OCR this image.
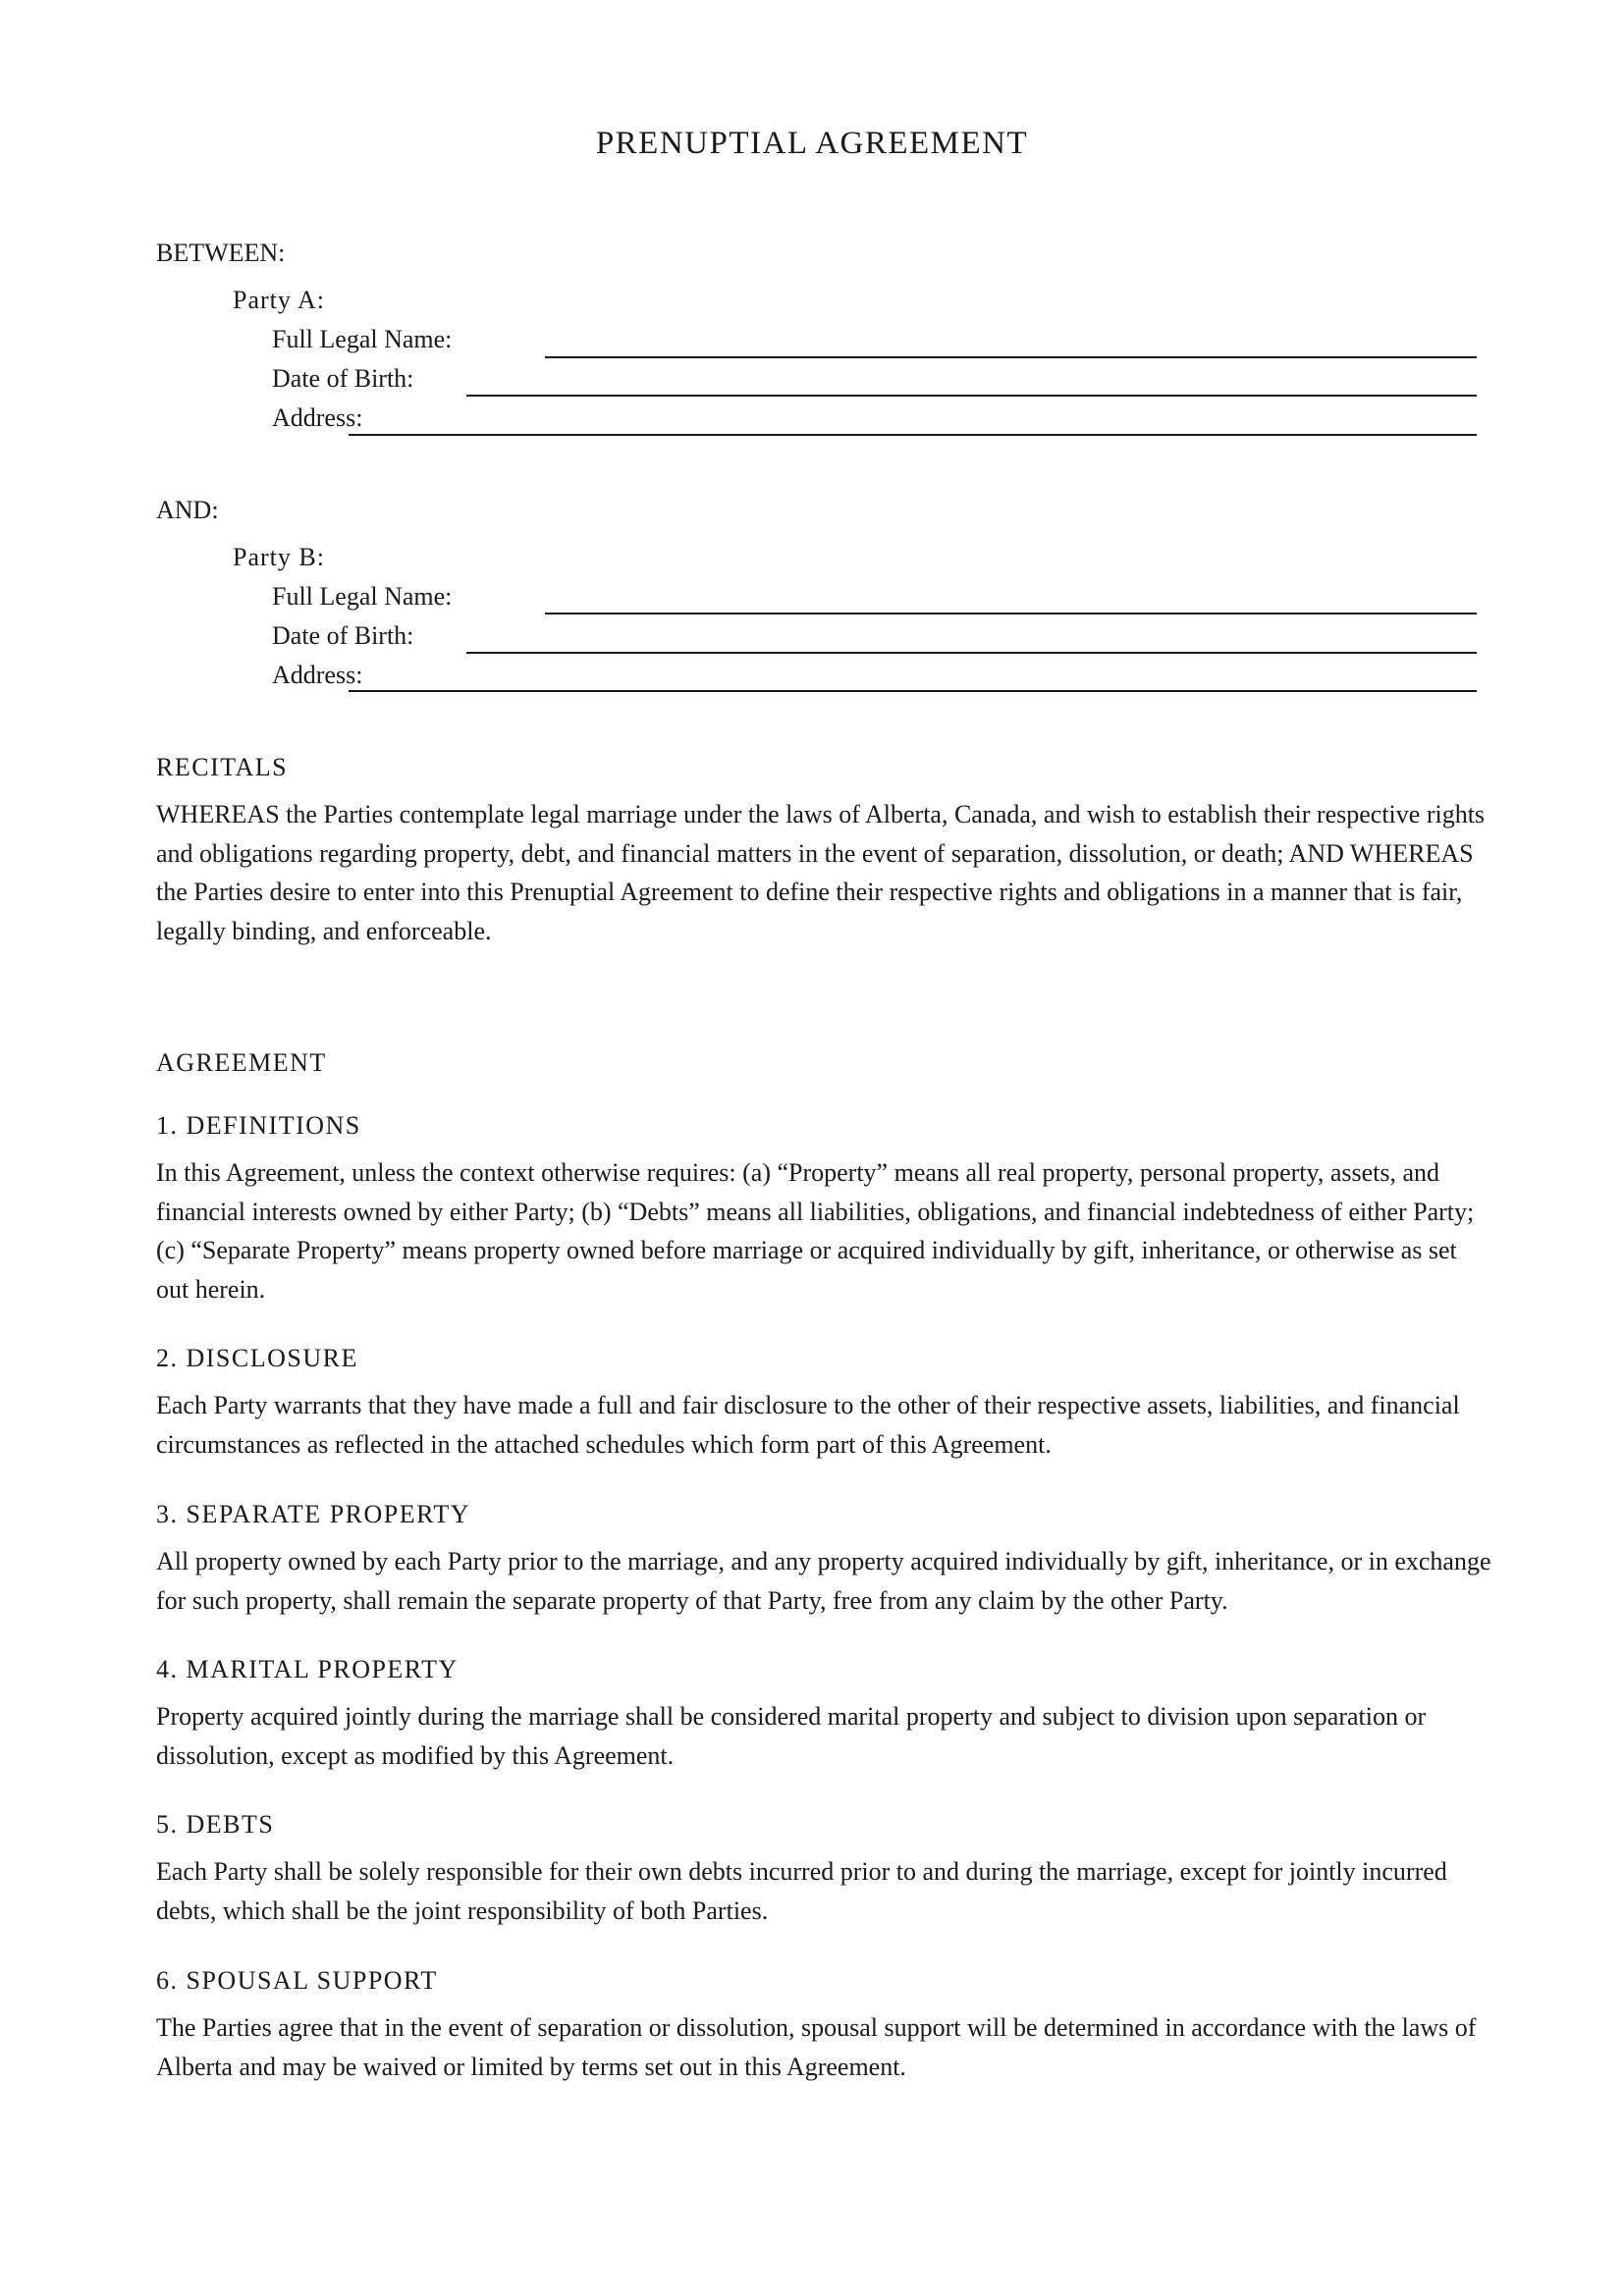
PRENUPTIAL AGREEMENT
BETWEEN:
Party A:
Full Legal Name:
Date of Birth:
Address:
AND:
Party B:
Full Legal Name:
Date of Birth:
Address:
RECITALS

WHEREAS the Parties contemplate legal marriage under the laws of Alberta, Canada, and wish to establish their respective rights and obligations regarding property, debt, and financial matters in the event of separation, dissolution, or death; AND WHEREAS the Parties desire to enter into this Prenuptial Agreement to define their respective rights and obligations in a manner that is fair, legally binding, and enforceable.

AGREEMENT
1. DEFINITIONS

In this Agreement, unless the context otherwise requires: (a) “Property” means all real property, personal property, assets, and financial interests owned by either Party; (b) “Debts” means all liabilities, obligations, and financial indebtedness of either Party; (c) “Separate Property” means property owned before marriage or acquired individually by gift, inheritance, or otherwise as set out herein.

2. DISCLOSURE

Each Party warrants that they have made a full and fair disclosure to the other of their respective assets, liabilities, and financial circumstances as reflected in the attached schedules which form part of this Agreement.

3. SEPARATE PROPERTY

All property owned by each Party prior to the marriage, and any property acquired individually by gift, inheritance, or in exchange for such property, shall remain the separate property of that Party, free from any claim by the other Party.

4. MARITAL PROPERTY

Property acquired jointly during the marriage shall be considered marital property and subject to division upon separation or dissolution, except as modified by this Agreement.

5. DEBTS

Each Party shall be solely responsible for their own debts incurred prior to and during the marriage, except for jointly incurred debts, which shall be the joint responsibility of both Parties.

6. SPOUSAL SUPPORT

The Parties agree that in the event of separation or dissolution, spousal support will be determined in accordance with the laws of Alberta and may be waived or limited by terms set out in this Agreement.
